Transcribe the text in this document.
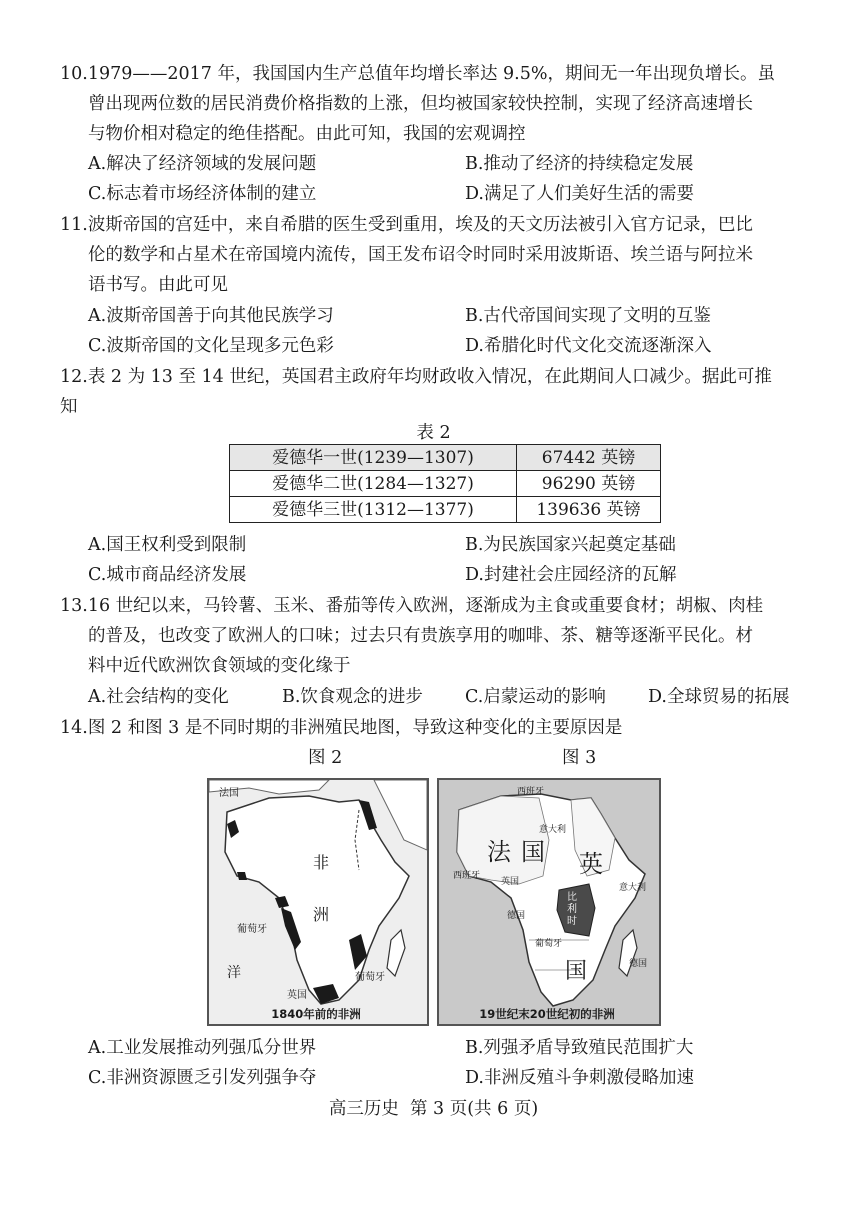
10.1979——2017 年，我国国内生产总值年均增长率达 9.5%，期间无一年出现负增长。虽
曾出现两位数的居民消费价格指数的上涨，但均被国家较快控制，实现了经济高速增长
与物价相对稳定的绝佳搭配。由此可知，我国的宏观调控
A.解决了经济领域的发展问题	B.推动了经济的持续稳定发展
C.标志着市场经济体制的建立	D.满足了人们美好生活的需要
11.波斯帝国的宫廷中，来自希腊的医生受到重用，埃及的天文历法被引入官方记录，巴比
伦的数学和占星术在帝国境内流传，国王发布诏令时同时采用波斯语、埃兰语与阿拉米
语书写。由此可见
A.波斯帝国善于向其他民族学习	B.古代帝国间实现了文明的互鉴
C.波斯帝国的文化呈现多元色彩	D.希腊化时代文化交流逐渐深入
12.表 2 为 13 至 14 世纪，英国君主政府年均财政收入情况，在此期间人口减少。据此可推
知
表 2
爱德华一世(1239—1307)	67442 英镑
爱德华二世(1284—1327)	96290 英镑
爱德华三世(1312—1377)	139636 英镑
A.国王权利受到限制	B.为民族国家兴起奠定基础
C.城市商品经济发展	D.封建社会庄园经济的瓦解
13.16 世纪以来，马铃薯、玉米、番茄等传入欧洲，逐渐成为主食或重要食材；胡椒、肉桂
的普及，也改变了欧洲人的口味；过去只有贵族享用的咖啡、茶、糖等逐渐平民化。材
料中近代欧洲饮食领域的变化缘于
A.社会结构的变化	B.饮食观念的进步 C.启蒙运动的影响 D.全球贸易的拓展
14.图 2 和图 3 是不同时期的非洲殖民地图，导致这种变化的主要原因是
图 2	图 3
法国
非
洲
葡萄牙
葡萄牙
洋
英国
1840年前的非洲
西班牙
意大利
法 国 英
意大利
国
比利时
德国
葡萄牙
英国
西班牙
德国
19世纪末20世纪初的非洲
A.工业发展推动列强瓜分世界	B.列强矛盾导致殖民范围扩大
C.非洲资源匮乏引发列强争夺	D.非洲反殖斗争刺激侵略加速
高三历史  第 3 页(共 6 页)
